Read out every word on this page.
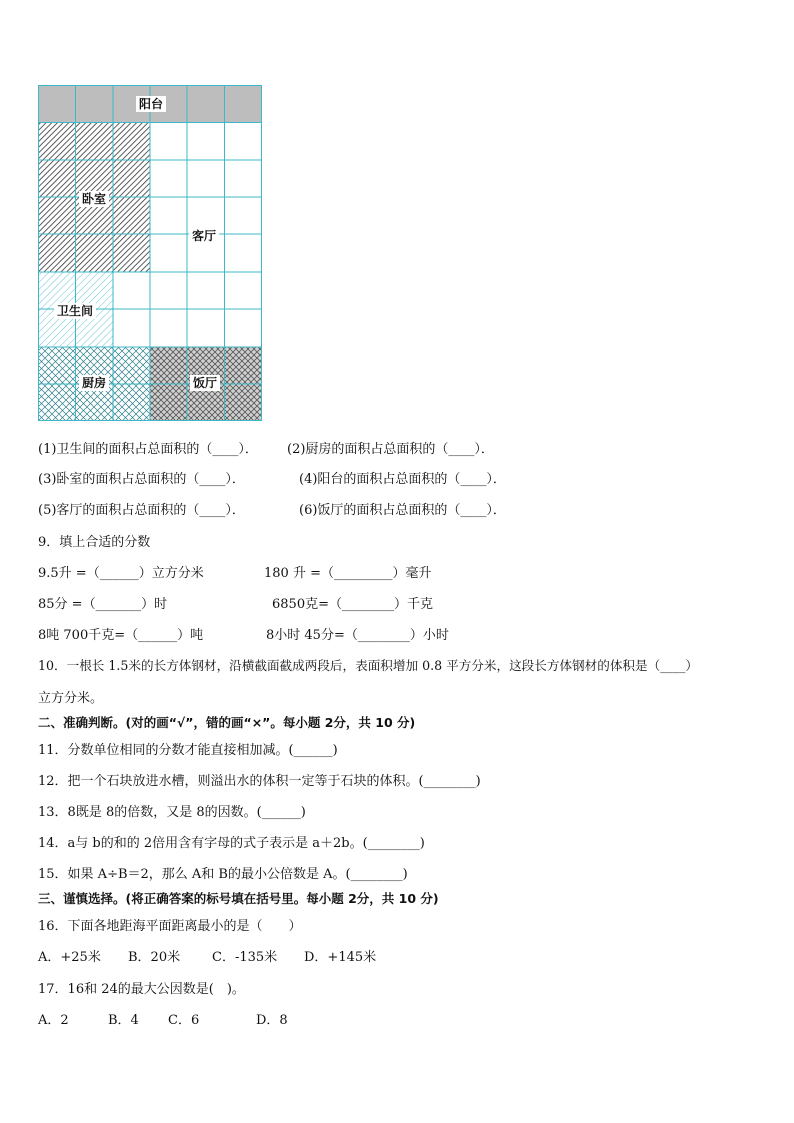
阳台
卧室
客厅
卫生间
厨房	饭厅
(1)卫生间的面积占总面积的（____）． (2)厨房的面积占总面积的（____）．
(3)卧室的面积占总面积的（____）．	(4)阳台的面积占总面积的（____）．
(5)客厅的面积占总面积的（____）．	(6)饭厅的面积占总面积的（____）．
9．填上合适的分数
9.5升 =（______）立方分米	180 升 =（_________）毫升
85分 =（_______）时	6850克=（________）千克
8吨 700千克=（______）吨	8小时 45分=（________）小时
10．一根长 1.5米的长方体钢材，沿横截面截成两段后，表面积增加 0.8 平方分米，这段长方体钢材的体积是（____）
立方分米。
二、准确判断。(对的画“√”，错的画“×”。每小题 2分，共 10 分)
11．分数单位相同的分数才能直接相加减。(______)
12．把一个石块放进水槽，则溢出水的体积一定等于石块的体积。(________)
13．8既是 8的倍数，又是 8的因数。(______)
14．a与 b的和的 2倍用含有字母的式子表示是 a＋2b。(________)
15．如果 A÷B＝2，那么 A和 B的最小公倍数是 A。(________)
三、谨慎选择。(将正确答案的标号填在括号里。每小题 2分，共 10 分)
16．下面各地距海平面距离最小的是（　　）
A．+25米 B．20米 C．-135米 D．+145米
17．16和 24的最大公因数是(　)。
A．2	B．4 C．6	D．8
